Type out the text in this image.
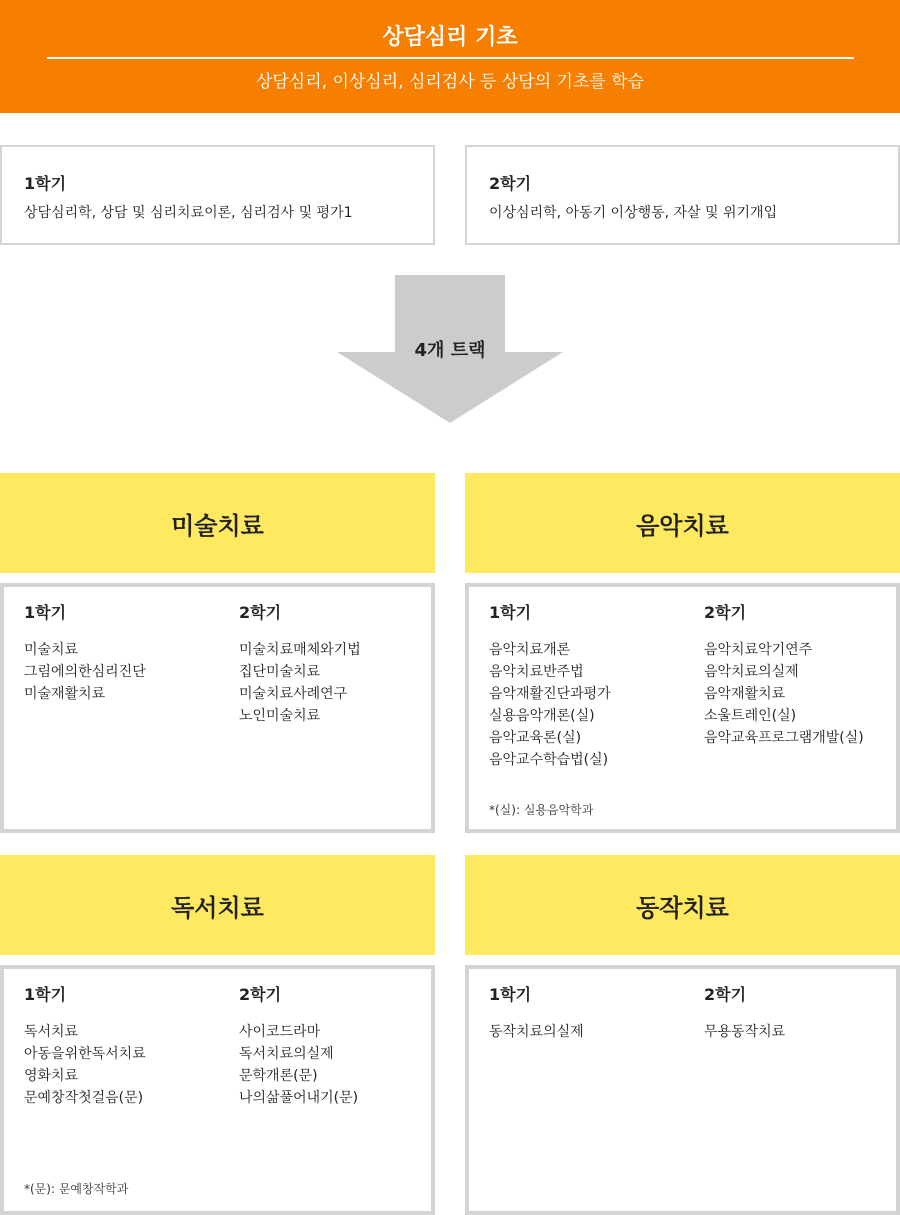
상담심리 기초
상담심리, 이상심리, 심리검사 등 상담의 기초를 학습
1학기
상담심리학, 상담 및 심리치료이론, 심리검사 및 평가1
2학기
이상심리학, 아동기 이상행동, 자살 및 위기개입
4개 트랙
미술치료
1학기
미술치료
그림에의한심리진단
미술재활치료
2학기
미술치료매체와기법
집단미술치료
미술치료사례연구
노인미술치료
음악치료
1학기
음악치료개론
음악치료반주법
음악재활진단과평가
실용음악개론(실)
음악교육론(실)
음악교수학습법(실)
2학기
음악치료악기연주
음악치료의실제
음악재활치료
소울트레인(실)
음악교육프로그램개발(실)
*(실): 실용음악학과
독서치료
1학기
독서치료
아동을위한독서치료
영화치료
문예창작첫걸음(문)
2학기
사이코드라마
독서치료의실제
문학개론(문)
나의삶풀어내기(문)
*(문): 문예창작학과
동작치료
1학기
동작치료의실제
2학기
무용동작치료
